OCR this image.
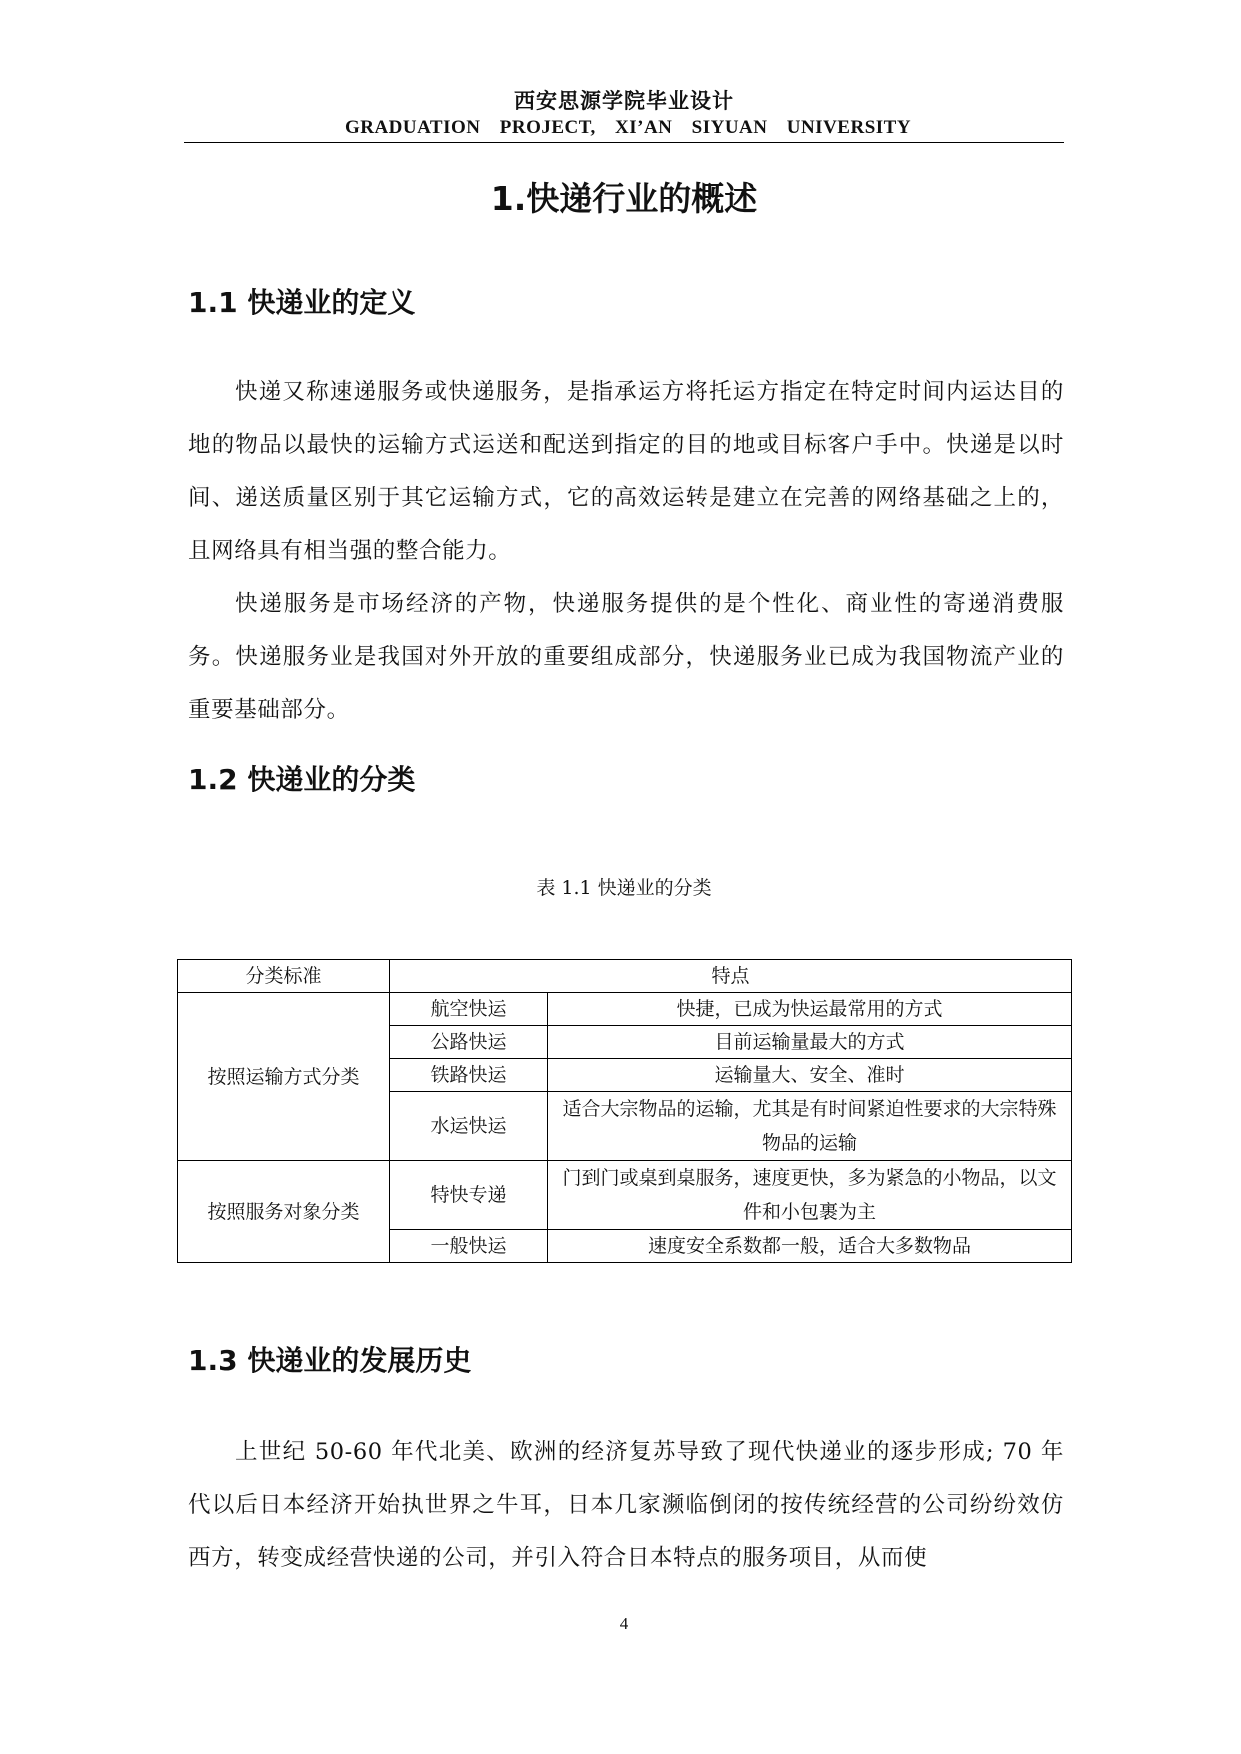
西安思源学院毕业设计
GRADUATION PROJECT, XI’AN SIYUAN UNIVERSITY
1.快递行业的概述
1.1 快递业的定义

快递又称速递服务或快递服务，是指承运方将托运方指定在特定时间内运达目的地的物品以最快的运输方式运送和配送到指定的目的地或目标客户手中。快递是以时间、递送质量区别于其它运输方式，它的高效运转是建立在完善的网络基础之上的，且网络具有相当强的整合能力。

快递服务是市场经济的产物，快递服务提供的是个性化、商业性的寄递消费服务。快递服务业是我国对外开放的重要组成部分，快递服务业已成为我国物流产业的重要基础部分。

1.2 快递业的分类
表 1.1 快递业的分类
分类标准	特点	
按照运输方式分类	航空快运	快捷，已成为快运最常用的方式
	公路快运	目前运输量最大的方式
	铁路快运	运输量大、安全、准时
	水运快运	适合大宗物品的运输，尤其是有时间紧迫性要求的大宗特殊物品的运输
按照服务对象分类	特快专递	门到门或桌到桌服务，速度更快，多为紧急的小物品，以文件和小包裹为主
	一般快运	速度安全系数都一般，适合大多数物品
1.3 快递业的发展历史

上世纪 50-60 年代北美、欧洲的经济复苏导致了现代快递业的逐步形成; 70 年代以后日本经济开始执世界之牛耳，日本几家濒临倒闭的按传统经营的公司纷纷效仿西方，转变成经营快递的公司，并引入符合日本特点的服务项目，从而使

4
